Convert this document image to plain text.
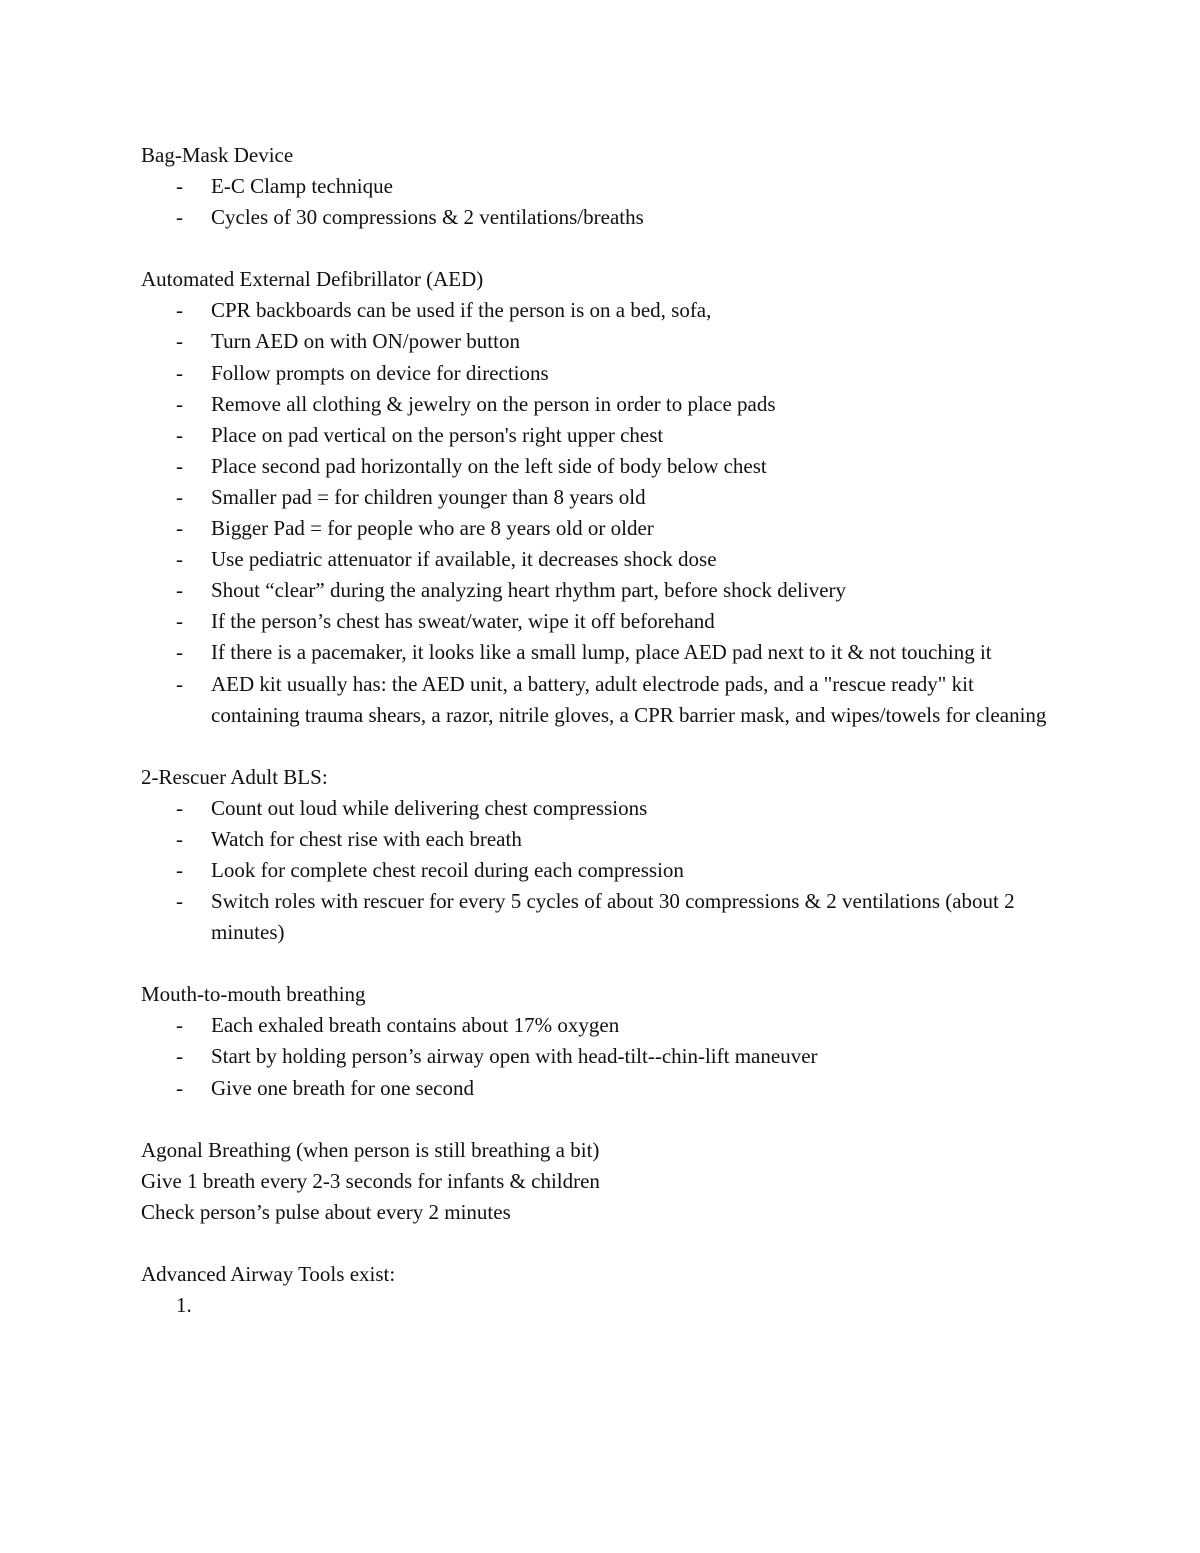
Bag-Mask Device

- E-C Clamp technique
- Cycles of 30 compressions & 2 ventilations/breaths

Automated External Defibrillator (AED)

- CPR backboards can be used if the person is on a bed, sofa,
- Turn AED on with ON/power button
- Follow prompts on device for directions
- Remove all clothing & jewelry on the person in order to place pads
- Place on pad vertical on the person's right upper chest
- Place second pad horizontally on the left side of body below chest
- Smaller pad = for children younger than 8 years old
- Bigger Pad = for people who are 8 years old or older
- Use pediatric attenuator if available, it decreases shock dose
- Shout “clear” during the analyzing heart rhythm part, before shock delivery
- If the person’s chest has sweat/water, wipe it off beforehand
- If there is a pacemaker, it looks like a small lump, place AED pad next to it & not touching it
- AED kit usually has: the AED unit, a battery, adult electrode pads, and a "rescue ready" kit containing trauma shears, a razor, nitrile gloves, a CPR barrier mask, and wipes/towels for cleaning

2-Rescuer Adult BLS:

- Count out loud while delivering chest compressions
- Watch for chest rise with each breath
- Look for complete chest recoil during each compression
- Switch roles with rescuer for every 5 cycles of about 30 compressions & 2 ventilations (about 2 minutes)

Mouth-to-mouth breathing

- Each exhaled breath contains about 17% oxygen
- Start by holding person’s airway open with head-tilt--chin-lift maneuver
- Give one breath for one second

Agonal Breathing (when person is still breathing a bit)

Give 1 breath every 2-3 seconds for infants & children

Check person’s pulse about every 2 minutes

Advanced Airway Tools exist:

1.
